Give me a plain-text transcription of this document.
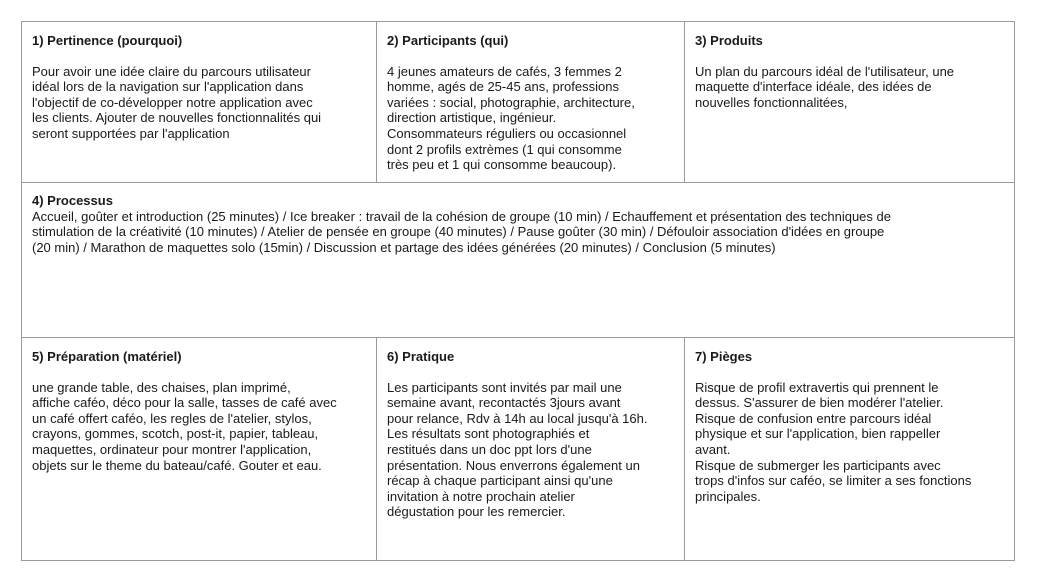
1) Pertinence (pourquoi)

Pour avoir une idée claire du parcours utilisateur
idéal lors de la navigation sur l'application dans
l'objectif de co-développer notre application avec
les clients. Ajouter de nouvelles fonctionnalités qui
seront supportées par l'application

2) Participants (qui)

4 jeunes amateurs de cafés, 3 femmes 2
homme, agés de 25-45 ans, professions
variées : social, photographie, architecture,
direction artistique, ingénieur.
Consommateurs réguliers ou occasionnel
dont 2 profils extrèmes (1 qui consomme
très peu et 1 qui consomme beaucoup).

3) Produits

Un plan du parcours idéal de l'utilisateur, une
maquette d'interface idéale, des idées de
nouvelles fonctionnalitées,

4) Processus

Accueil, goûter et introduction (25 minutes) / Ice breaker : travail de la cohésion de groupe (10 min) / Echauffement et présentation des techniques de
stimulation de la créativité (10 minutes) / Atelier de pensée en groupe (40 minutes) / Pause goûter (30 min) / Défouloir association d'idées en groupe
(20 min) / Marathon de maquettes solo (15min) / Discussion et partage des idées générées (20 minutes) / Conclusion (5 minutes)

5) Préparation (matériel)

une grande table, des chaises, plan imprimé,
affiche caféo, déco pour la salle, tasses de café avec
un café offert caféo, les regles de l'atelier, stylos,
crayons, gommes, scotch, post-it, papier, tableau,
maquettes, ordinateur pour montrer l'application,
objets sur le theme du bateau/café. Gouter et eau.

6) Pratique

Les participants sont invités par mail une
semaine avant, recontactés 3jours avant
pour relance, Rdv à 14h au local jusqu'à 16h.
Les résultats sont photographiés et
restitués dans un doc ppt lors d'une
présentation. Nous enverrons également un
récap à chaque participant ainsi qu'une
invitation à notre prochain atelier
dégustation pour les remercier.

7) Pièges

Risque de profil extravertis qui prennent le
dessus. S'assurer de bien modérer l'atelier.
Risque de confusion entre parcours idéal
physique et sur l'application, bien rappeller
avant.
Risque de submerger les participants avec
trops d'infos sur caféo, se limiter a ses fonctions
principales.
